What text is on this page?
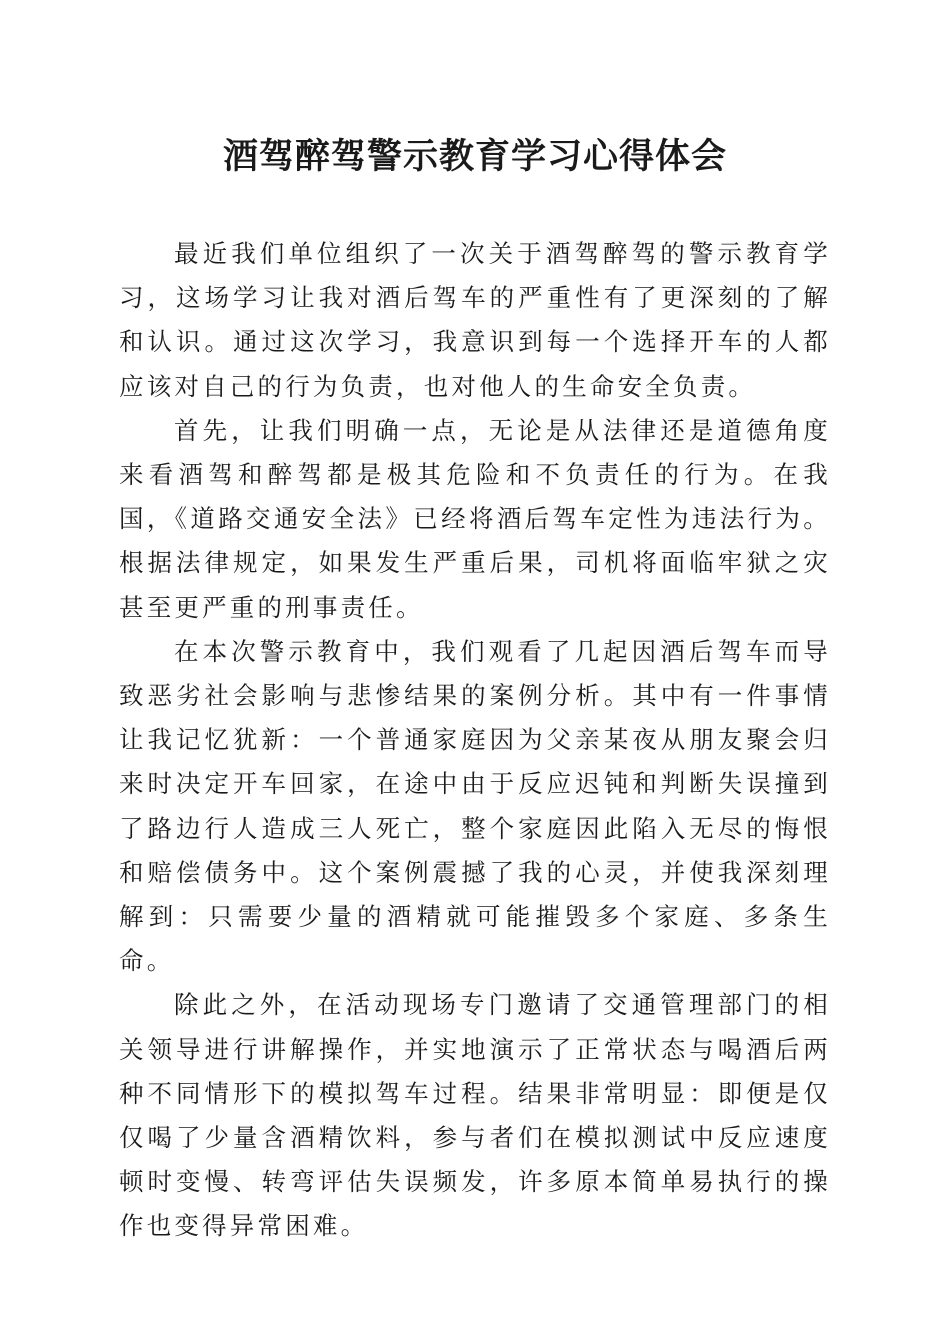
酒驾醉驾警示教育学习心得体会

最近我们单位组织了一次关于酒驾醉驾的警示教育学习，这场学习让我对酒后驾车的严重性有了更深刻的了解和认识。通过这次学习，我意识到每一个选择开车的人都应该对自己的行为负责，也对他人的生命安全负责。

首先，让我们明确一点，无论是从法律还是道德角度来看酒驾和醉驾都是极其危险和不负责任的行为。在我国，《道路交通安全法》已经将酒后驾车定性为违法行为。根据法律规定，如果发生严重后果，司机将面临牢狱之灾甚至更严重的刑事责任。

在本次警示教育中，我们观看了几起因酒后驾车而导致恶劣社会影响与悲惨结果的案例分析。其中有一件事情让我记忆犹新：一个普通家庭因为父亲某夜从朋友聚会归来时决定开车回家，在途中由于反应迟钝和判断失误撞到了路边行人造成三人死亡，整个家庭因此陷入无尽的悔恨和赔偿债务中。这个案例震撼了我的心灵，并使我深刻理解到：只需要少量的酒精就可能摧毁多个家庭、多条生命。

除此之外，在活动现场专门邀请了交通管理部门的相关领导进行讲解操作，并实地演示了正常状态与喝酒后两种不同情形下的模拟驾车过程。结果非常明显：即便是仅仅喝了少量含酒精饮料，参与者们在模拟测试中反应速度顿时变慢、转弯评估失误频发，许多原本简单易执行的操作也变得异常困难。
